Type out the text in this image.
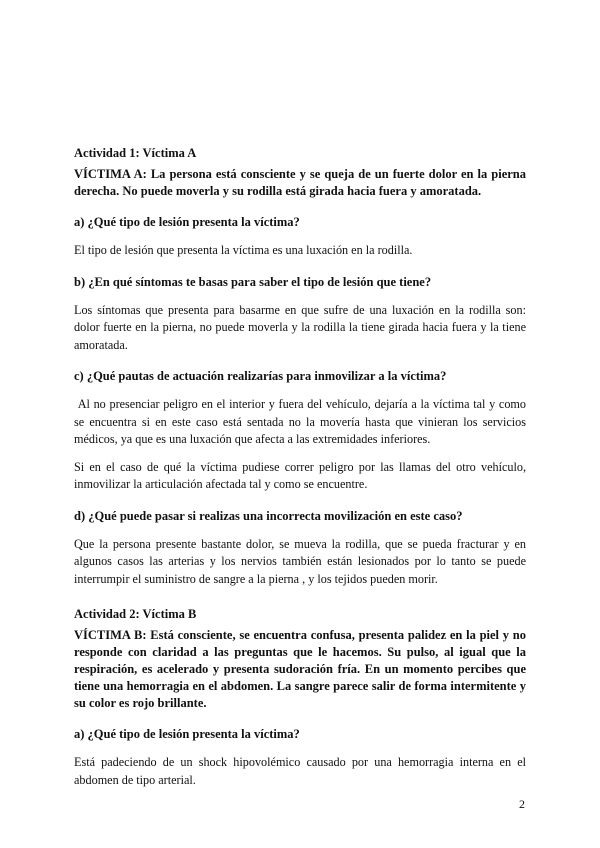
Actividad 1: Víctima A

VÍCTIMA A: La persona está consciente y se queja de un fuerte dolor en la pierna derecha. No puede moverla y su rodilla está girada hacia fuera y amoratada.

a) ¿Qué tipo de lesión presenta la víctima?

El tipo de lesión que presenta la víctima es una luxación en la rodilla.

b) ¿En qué síntomas te basas para saber el tipo de lesión que tiene?

Los síntomas que presenta para basarme en que sufre de una luxación en la rodilla son: dolor fuerte en la pierna, no puede moverla y la rodilla la tiene girada hacia fuera y la tiene amoratada.

c) ¿Qué pautas de actuación realizarías para inmovilizar a la víctima?

Al no presenciar peligro en el interior y fuera del vehículo, dejaría a la víctima tal y como se encuentra si en este caso está sentada no la movería hasta que vinieran los servicios médicos, ya que es una luxación que afecta a las extremidades inferiores.

Si en el caso de qué la víctima pudiese correr peligro por las llamas del otro vehículo, inmovilizar la articulación afectada tal y como se encuentre.

d) ¿Qué puede pasar si realizas una incorrecta movilización en este caso?

Que la persona presente bastante dolor, se mueva la rodilla, que se pueda fracturar y en algunos casos las arterias y los nervios también están lesionados por lo tanto se puede interrumpir el suministro de sangre a la pierna , y los tejidos pueden morir.

Actividad 2: Víctima B

VÍCTIMA B: Está consciente, se encuentra confusa, presenta palidez en la piel y no responde con claridad a las preguntas que le hacemos. Su pulso, al igual que la respiración, es acelerado y presenta sudoración fría. En un momento percibes que tiene una hemorragia en el abdomen. La sangre parece salir de forma intermitente y su color es rojo brillante.

a) ¿Qué tipo de lesión presenta la víctima?

Está padeciendo de un shock hipovolémico causado por una hemorragia interna en el abdomen de tipo arterial.

2
